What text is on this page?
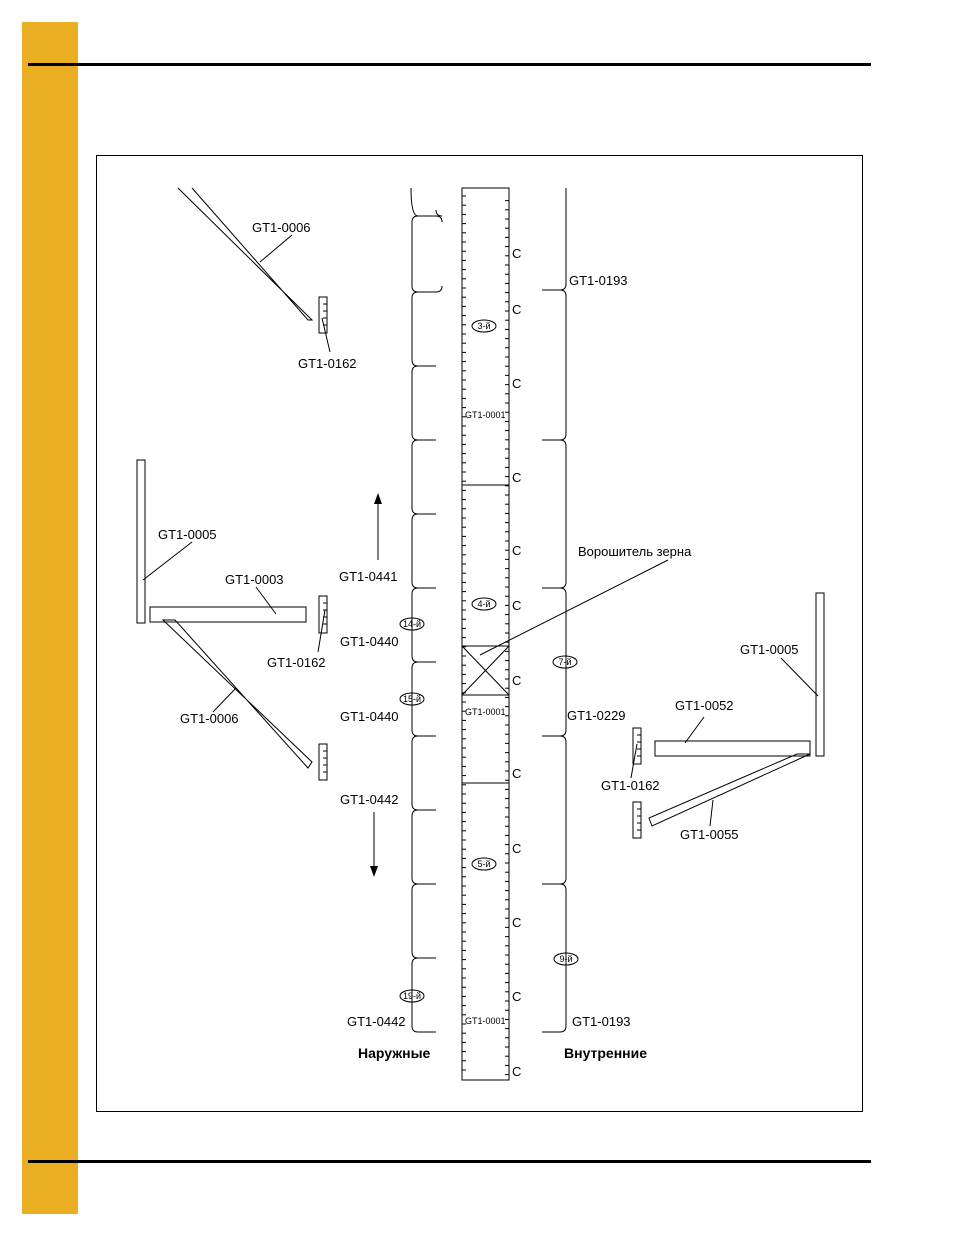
C
C
C
C
C
C
C
C
C
C
C
C
GT1-0006
GT1-0162
GT1-0005
GT1-0003
GT1-0162
GT1-0006
GT1-0441
GT1-0440
GT1-0440
GT1-0442
GT1-0442
GT1-0193
GT1-0229
GT1-0193
Ворошитель зерна
GT1-0005
GT1-0052
GT1-0162
GT1-0055
GT1-0001
GT1-0001
GT1-0001
3-й
4-й
5-й
7-й
9-й
14-й
15-й
19-й
Наружные	Внутренние
